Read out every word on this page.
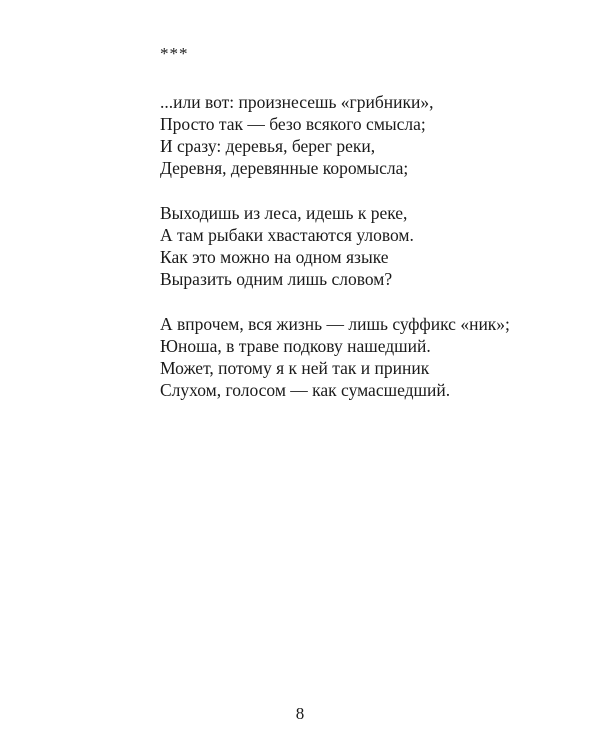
***
...или вот: произнесешь «грибники»,
Просто так — безо всякого смысла;
И сразу: деревья, берег реки,
Деревня, деревянные коромысла;
Выходишь из леса, идешь к реке,
А там рыбаки хвастаются уловом.
Как это можно на одном языке
Выразить одним лишь словом?
А впрочем, вся жизнь — лишь суффикс «ник»;
Юноша, в траве подкову нашедший.
Может, потому я к ней так и приник
Слухом, голосом — как сумасшедший.
8
